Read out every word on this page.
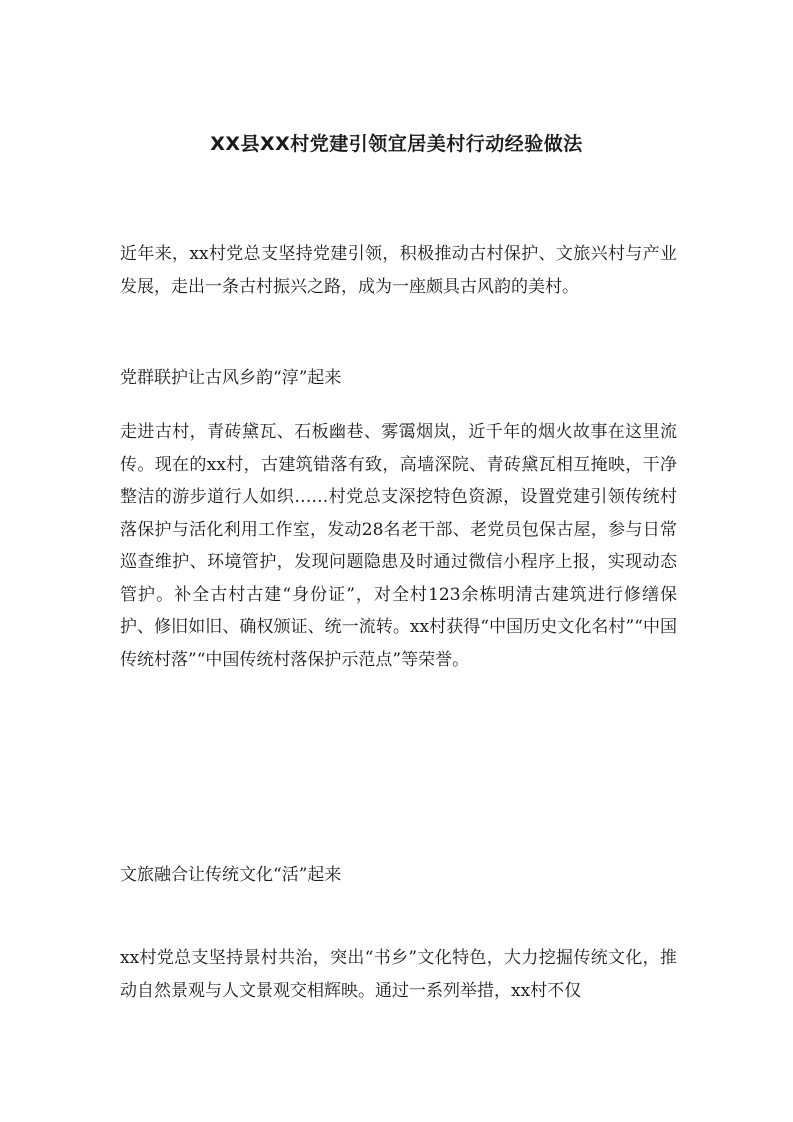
XX县XX村党建引领宜居美村行动经验做法

近年来，xx村党总支坚持党建引领，积极推动古村保护、文旅兴村与产业发展，走出一条古村振兴之路，成为一座颇具古风韵的美村。

党群联护让古风乡韵“淳”起来

走进古村，青砖黛瓦、石板幽巷、雾霭烟岚，近千年的烟火故事在这里流传。现在的xx村，古建筑错落有致，高墙深院、青砖黛瓦相互掩映，干净整洁的游步道行人如织……村党总支深挖特色资源，设置党建引领传统村落保护与活化利用工作室，发动28名老干部、老党员包保古屋，参与日常巡查维护、环境管护，发现问题隐患及时通过微信小程序上报，实现动态管护。补全古村古建“身份证”，对全村123余栋明清古建筑进行修缮保护、修旧如旧、确权颁证、统一流转。xx村获得“中国历史文化名村”“中国传统村落”“中国传统村落保护示范点”等荣誉。

文旅融合让传统文化“活”起来

xx村党总支坚持景村共治，突出“书乡”文化特色，大力挖掘传统文化，推动自然景观与人文景观交相辉映。通过一系列举措，xx村不仅
